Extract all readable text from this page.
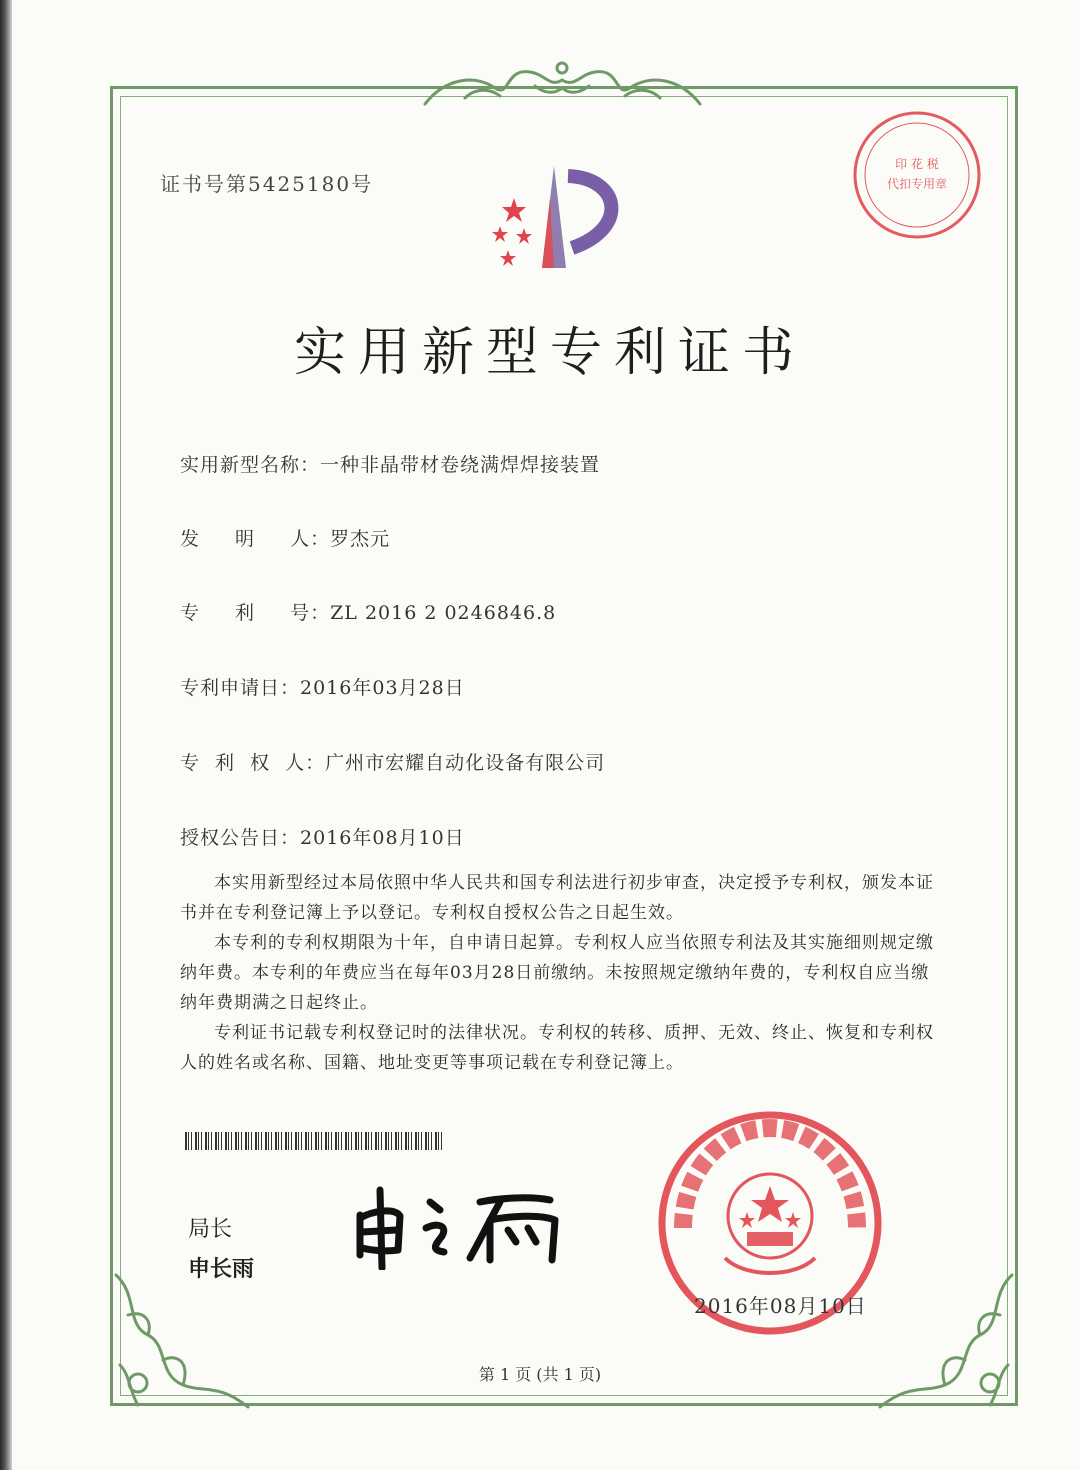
证书号第5425180号
印 花 税
代扣专用章
实用新型专利证书
实用新型名称：一种非晶带材卷绕满焊焊接装置
发 明 人：罗杰元
专 利 号：ZL 2016 2 0246846.8
专利申请日：2016年03月28日
专 利 权 人：广州市宏耀自动化设备有限公司
授权公告日：2016年08月10日

本实用新型经过本局依照中华人民共和国专利法进行初步审查，决定授予专利权，颁发本证书并在专利登记簿上予以登记。专利权自授权公告之日起生效。

本专利的专利权期限为十年，自申请日起算。专利权人应当依照专利法及其实施细则规定缴纳年费。本专利的年费应当在每年03月28日前缴纳。未按照规定缴纳年费的，专利权自应当缴纳年费期满之日起终止。

专利证书记载专利权登记时的法律状况。专利权的转移、质押、无效、终止、恢复和专利权人的姓名或名称、国籍、地址变更等事项记载在专利登记簿上。

局长
申长雨
2016年08月10日
第 1 页 (共 1 页)
